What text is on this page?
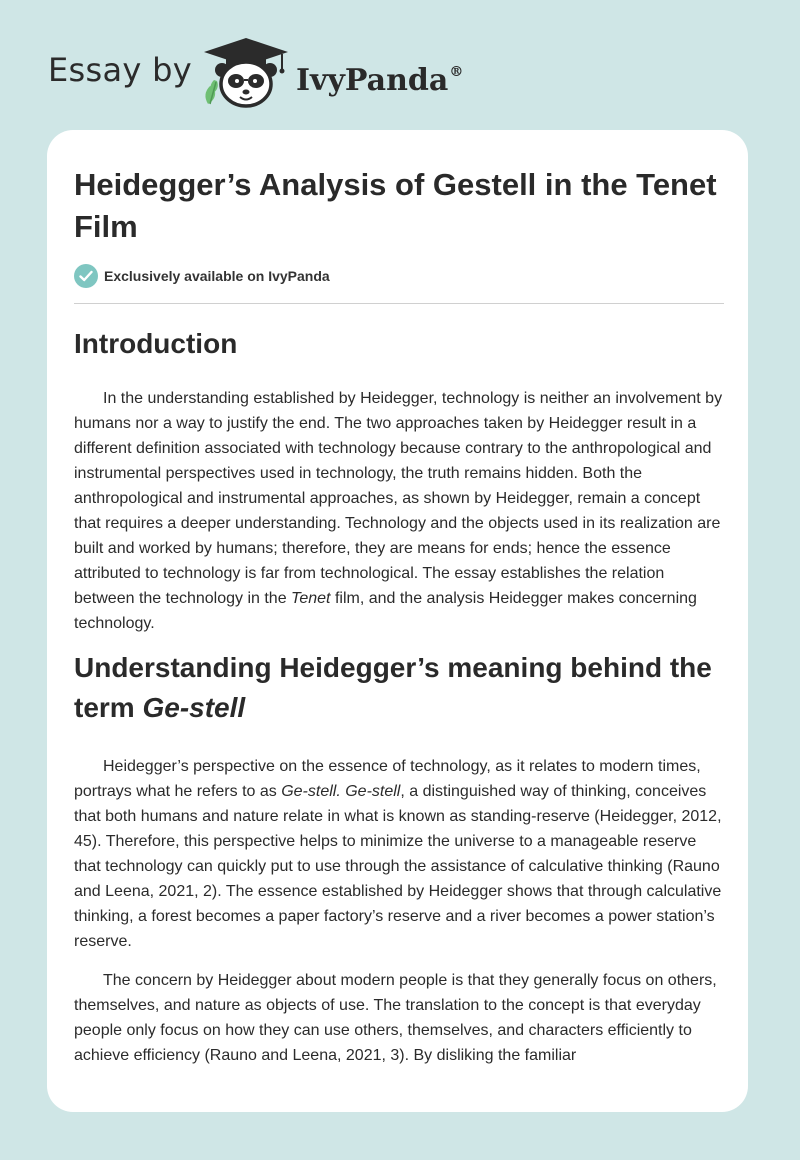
Essay by	IvyPanda®
Heidegger’s Analysis of Gestell in the Tenet Film
Exclusively available on IvyPanda
Introduction

In the understanding established by Heidegger, technology is neither an involvement by humans nor a way to justify the end. The two approaches taken by Heidegger result in a different definition associated with technology because contrary to the anthropological and instrumental perspectives used in technology, the truth remains hidden. Both the anthropological and instrumental approaches, as shown by Heidegger, remain a concept that requires a deeper understanding. Technology and the objects used in its realization are built and worked by humans; therefore, they are means for ends; hence the essence attributed to technology is far from technological. The essay establishes the relation between the technology in the Tenet film, and the analysis Heidegger makes concerning technology.

Understanding Heidegger’s meaning behind the term Ge-stell

Heidegger’s perspective on the essence of technology, as it relates to modern times, portrays what he refers to as Ge-stell. Ge-stell, a distinguished way of thinking, conceives that both humans and nature relate in what is known as standing-reserve (Heidegger, 2012, 45). Therefore, this perspective helps to minimize the universe to a manageable reserve that technology can quickly put to use through the assistance of calculative thinking (Rauno and Leena, 2021, 2). The essence established by Heidegger shows that through calculative thinking, a forest becomes a paper factory’s reserve and a river becomes a power station’s reserve.

The concern by Heidegger about modern people is that they generally focus on others, themselves, and nature as objects of use. The translation to the concept is that everyday people only focus on how they can use others, themselves, and characters efficiently to achieve efficiency (Rauno and Leena, 2021, 3). By disliking the familiar
